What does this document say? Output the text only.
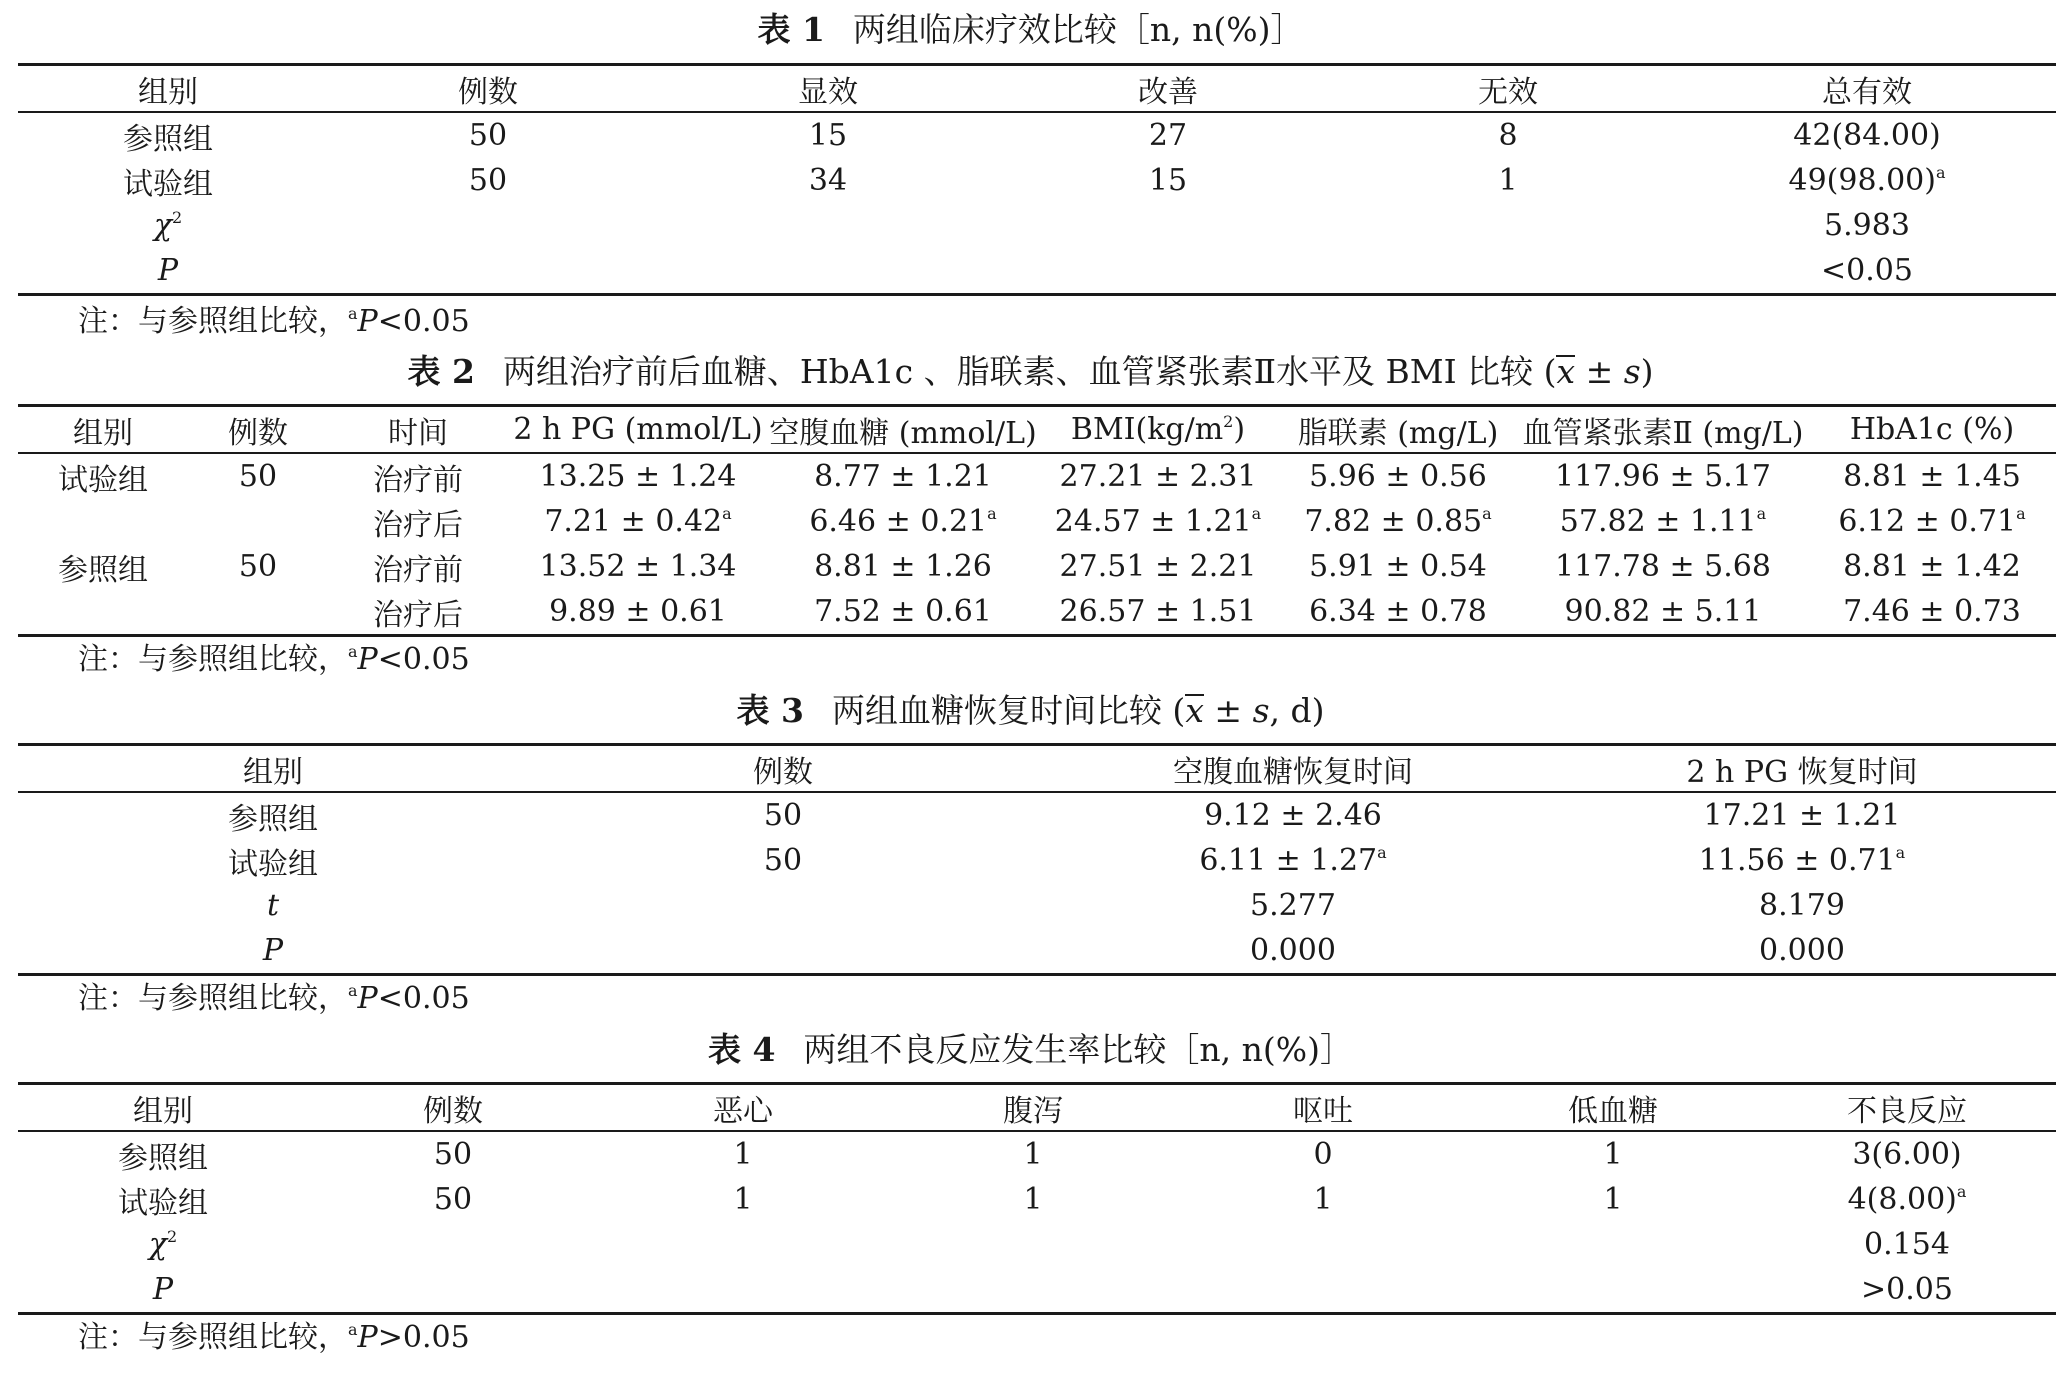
表 1 两组临床疗效比较［n, n(%)］
组别	例数	显效	改善	无效	总有效
参照组	50	15	27	8	42(84.00)
试验组	50	34	15	1	$49(98.00)^a$
$\chi^2$					5.983
P					<0.05
注：与参照组比较，$^a$P<0.05
表 2 两组治疗前后血糖、HbA1c 、脂联素、血管紧张素Ⅱ水平及 BMI 比较 (x ± s)
组别	例数	时间	2 h PG (mmol/L)	空腹血糖 (mmol/L)	$BMI(kg/m^2)$	脂联素 (mg/L)	血管紧张素Ⅱ (mg/L)	HbA1c (%)
试验组	50	治疗前	13.25 ± 1.24	8.77 ± 1.21	27.21 ± 2.31	5.96 ± 0.56	117.96 ± 5.17	8.81 ± 1.45
		治疗后	7.21 ± 0.42$^a$	6.46 ± 0.21$^a$	24.57 ± 1.21$^a$	7.82 ± 0.85$^a$	57.82 ± 1.11$^a$	6.12 ± 0.71$^a$
参照组	50	治疗前	13.52 ± 1.34	8.81 ± 1.26	27.51 ± 2.21	5.91 ± 0.54	117.78 ± 5.68	8.81 ± 1.42
		治疗后	9.89 ± 0.61	7.52 ± 0.61	26.57 ± 1.51	6.34 ± 0.78	90.82 ± 5.11	7.46 ± 0.73
注：与参照组比较，$^a$P<0.05
表 3 两组血糖恢复时间比较 (x ± s, d)
组别	例数	空腹血糖恢复时间	2 h PG 恢复时间
参照组	50	9.12 ± 2.46	17.21 ± 1.21
试验组	50	6.11 ± 1.27$^a$	11.56 ± 0.71$^a$
t		5.277	8.179
P		0.000	0.000
注：与参照组比较，$^a$P<0.05
表 4 两组不良反应发生率比较［n, n(%)］
组别	例数	恶心	腹泻	呕吐	低血糖	不良反应
参照组	50	1	1	0	1	3(6.00)
试验组	50	1	1	1	1	$4(8.00)^a$
$\chi^2$						0.154
P						>0.05
注：与参照组比较，$^a$P>0.05
